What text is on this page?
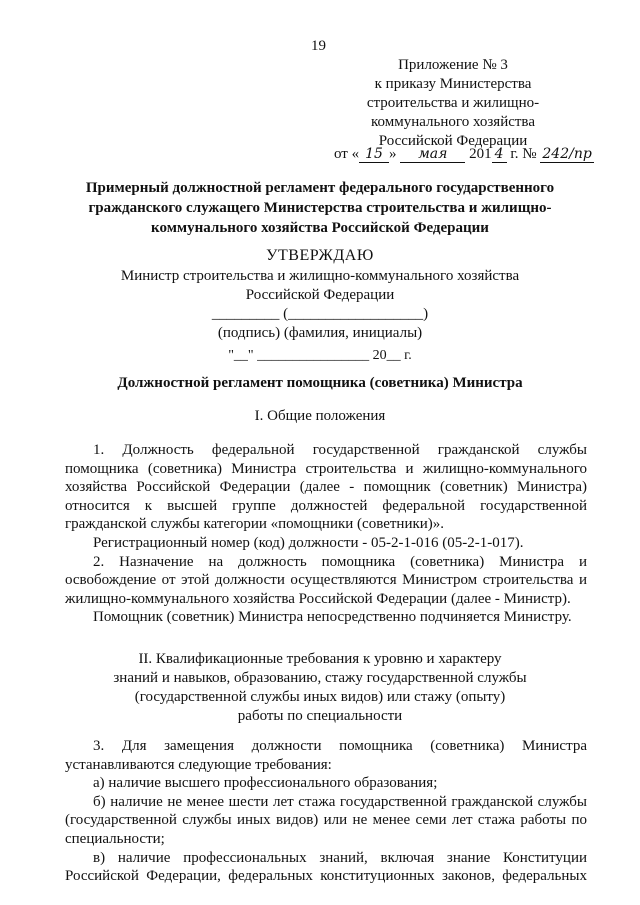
19
Приложение № 3
к приказу Министерства
строительства и жилищно-
коммунального хозяйства
Российской Федерации
от « 15 » мая 201 4 г. № 242/пр
Примерный должностной регламент федерального государственного
гражданского служащего Министерства строительства и жилищно-
коммунального хозяйства Российской Федерации
УТВЕРЖДАЮ
Министр строительства и жилищно-коммунального хозяйства
Российской Федерации
_________ (__________________)
(подпись) (фамилия, инициалы)
"__" ________________ 20__ г.
Должностной регламент помощника (советника) Министра
I. Общие положения

1. Должность федеральной государственной гражданской службы помощника (советника) Министра строительства и жилищно-коммунального хозяйства Российской Федерации (далее - помощник (советник) Министра) относится к высшей группе должностей федеральной государственной гражданской службы категории «помощники (советники)».

Регистрационный номер (код) должности - 05-2-1-016 (05-2-1-017).

2. Назначение на должность помощника (советника) Министра и освобождение от этой должности осуществляются Министром строительства и жилищно-коммунального хозяйства Российской Федерации (далее - Министр).

Помощник (советник) Министра непосредственно подчиняется Министру.

II. Квалификационные требования к уровню и характеру
знаний и навыков, образованию, стажу государственной службы
(государственной службы иных видов) или стажу (опыту)
работы по специальности

3. Для замещения должности помощника (советника) Министра устанавливаются следующие требования:

а) наличие высшего профессионального образования;

б) наличие не менее шести лет стажа государственной гражданской службы (государственной службы иных видов) или не менее семи лет стажа работы по специальности;

в) наличие профессиональных знаний, включая знание Конституции Российской Федерации, федеральных конституционных законов, федеральных
